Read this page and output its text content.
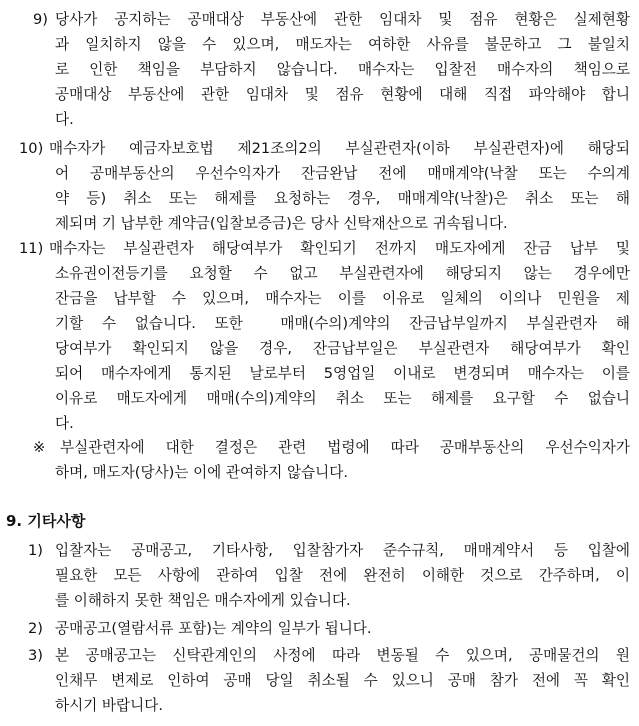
9) 당사가 공지하는 공매대상 부동산에 관한 임대차 및 점유 현황은 실제현황
과 일치하지 않을 수 있으며, 매도자는 여하한 사유를 불문하고 그 불일치
로 인한 책임을 부담하지 않습니다. 매수자는 입찰전 매수자의 책임으로
공매대상 부동산에 관한 임대차 및 점유 현황에 대해 직접 파악해야 합니
다.
10) 매수자가 예금자보호법 제21조의2의 부실관련자(이하 부실관련자)에 해당되
어 공매부동산의 우선수익자가 잔금완납 전에 매매계약(낙찰 또는 수의계
약 등) 취소 또는 해제를 요청하는 경우, 매매계약(낙찰)은 취소 또는 해
제되며 기 납부한 계약금(입찰보증금)은 당사 신탁재산으로 귀속됩니다.
11) 매수자는 부실관련자 해당여부가 확인되기 전까지 매도자에게 잔금 납부 및
소유권이전등기를 요청할 수 없고 부실관련자에 해당되지 않는 경우에만
잔금을 납부할 수 있으며, 매수자는 이를 이유로 일체의 이의나 민원을 제
기할 수 없습니다. 또한  매매(수의)계약의 잔금납부일까지 부실관련자 해
당여부가 확인되지 않을 경우, 잔금납부일은 부실관련자 해당여부가 확인
되어 매수자에게 통지된 날로부터 5영업일 이내로 변경되며 매수자는 이를
이유로 매도자에게 매매(수의)계약의 취소 또는 해제를 요구할 수 없습니
다.
※ 부실관련자에 대한 결정은 관련 법령에 따라 공매부동산의 우선수익자가
하며, 매도자(당사)는 이에 관여하지 않습니다.
9. 기타사항
1) 입찰자는 공매공고, 기타사항, 입찰참가자 준수규칙, 매매계약서 등 입찰에
필요한 모든 사항에 관하여 입찰 전에 완전히 이해한 것으로 간주하며, 이
를 이해하지 못한 책임은 매수자에게 있습니다.
2) 공매공고(열람서류 포함)는 계약의 일부가 됩니다.
3) 본 공매공고는 신탁관계인의 사정에 따라 변동될 수 있으며, 공매물건의 원
인채무 변제로 인하여 공매 당일 취소될 수 있으니 공매 참가 전에 꼭 확인
하시기 바랍니다.
